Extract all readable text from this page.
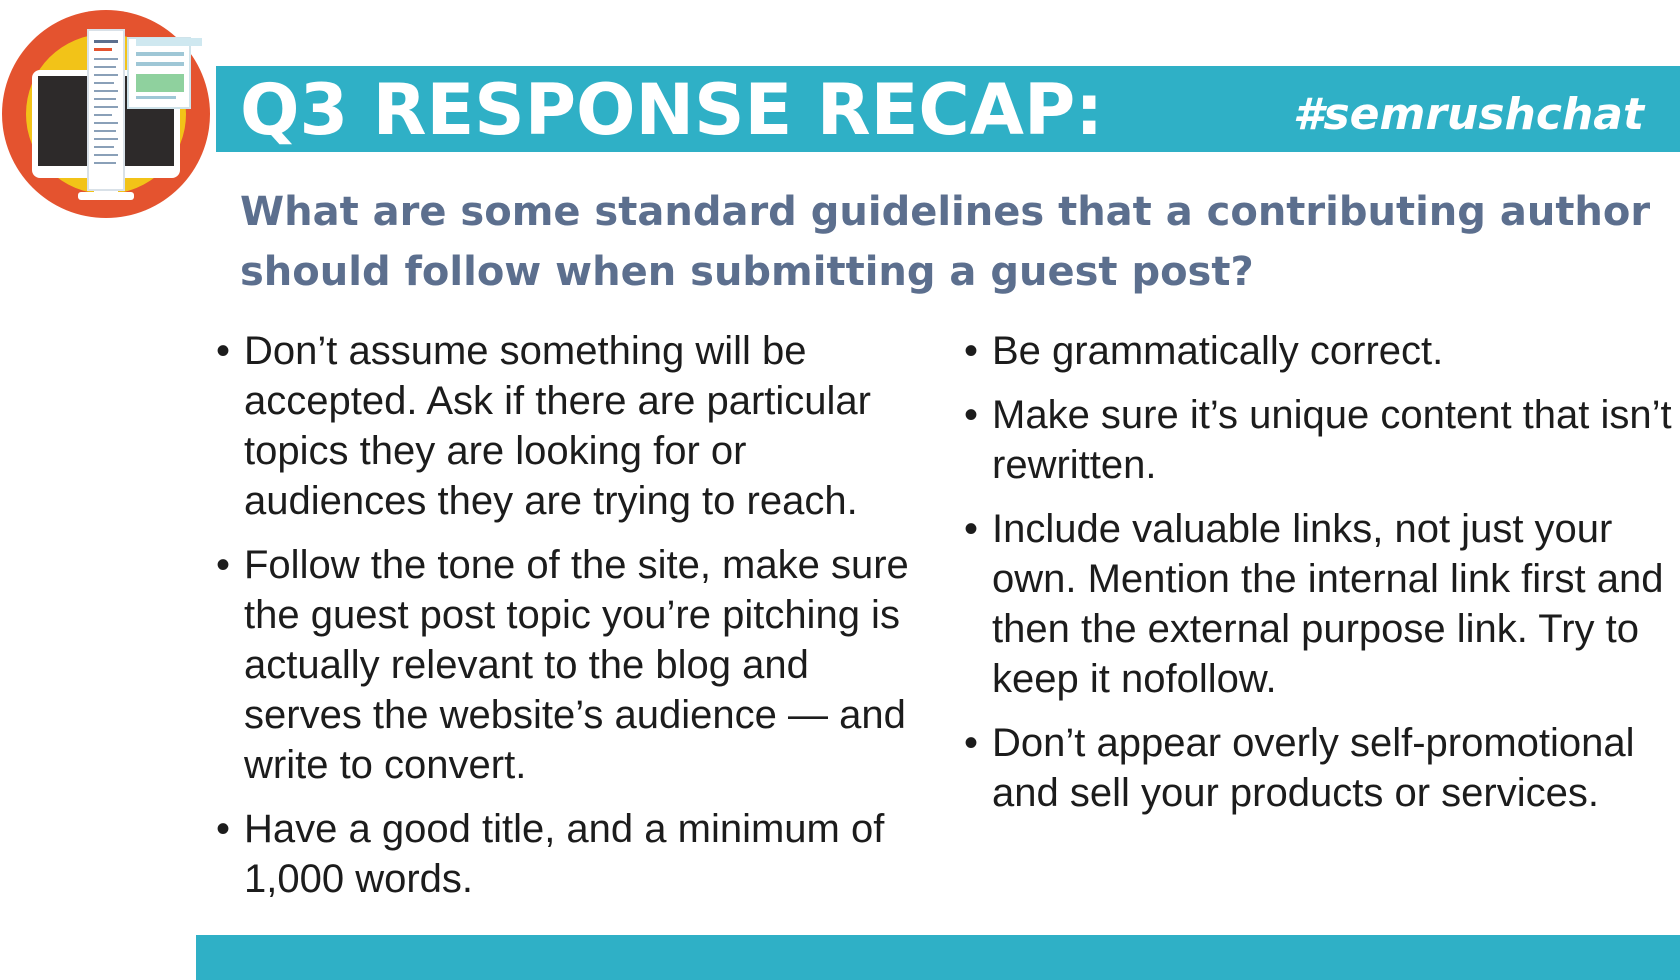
Q3 RESPONSE RECAP:	#semrushchat
What are some standard guidelines that a contributing author should follow when submitting a guest post?
• Don’t assume something will be accepted. Ask if there are particular topics they are looking for or audiences they are trying to reach.
• Follow the tone of the site, make sure the guest post topic you’re pitching is actually relevant to the blog and serves the website’s audience — and write to convert.
• Have a good title, and a minimum of 1,000 words.
• Be grammatically correct.
• Make sure it’s unique content that isn’t rewritten.
• Include valuable links, not just your own. Mention the internal link first and then the external purpose link. Try to keep it nofollow.
• Don’t appear overly self-promotional and sell your products or services.
